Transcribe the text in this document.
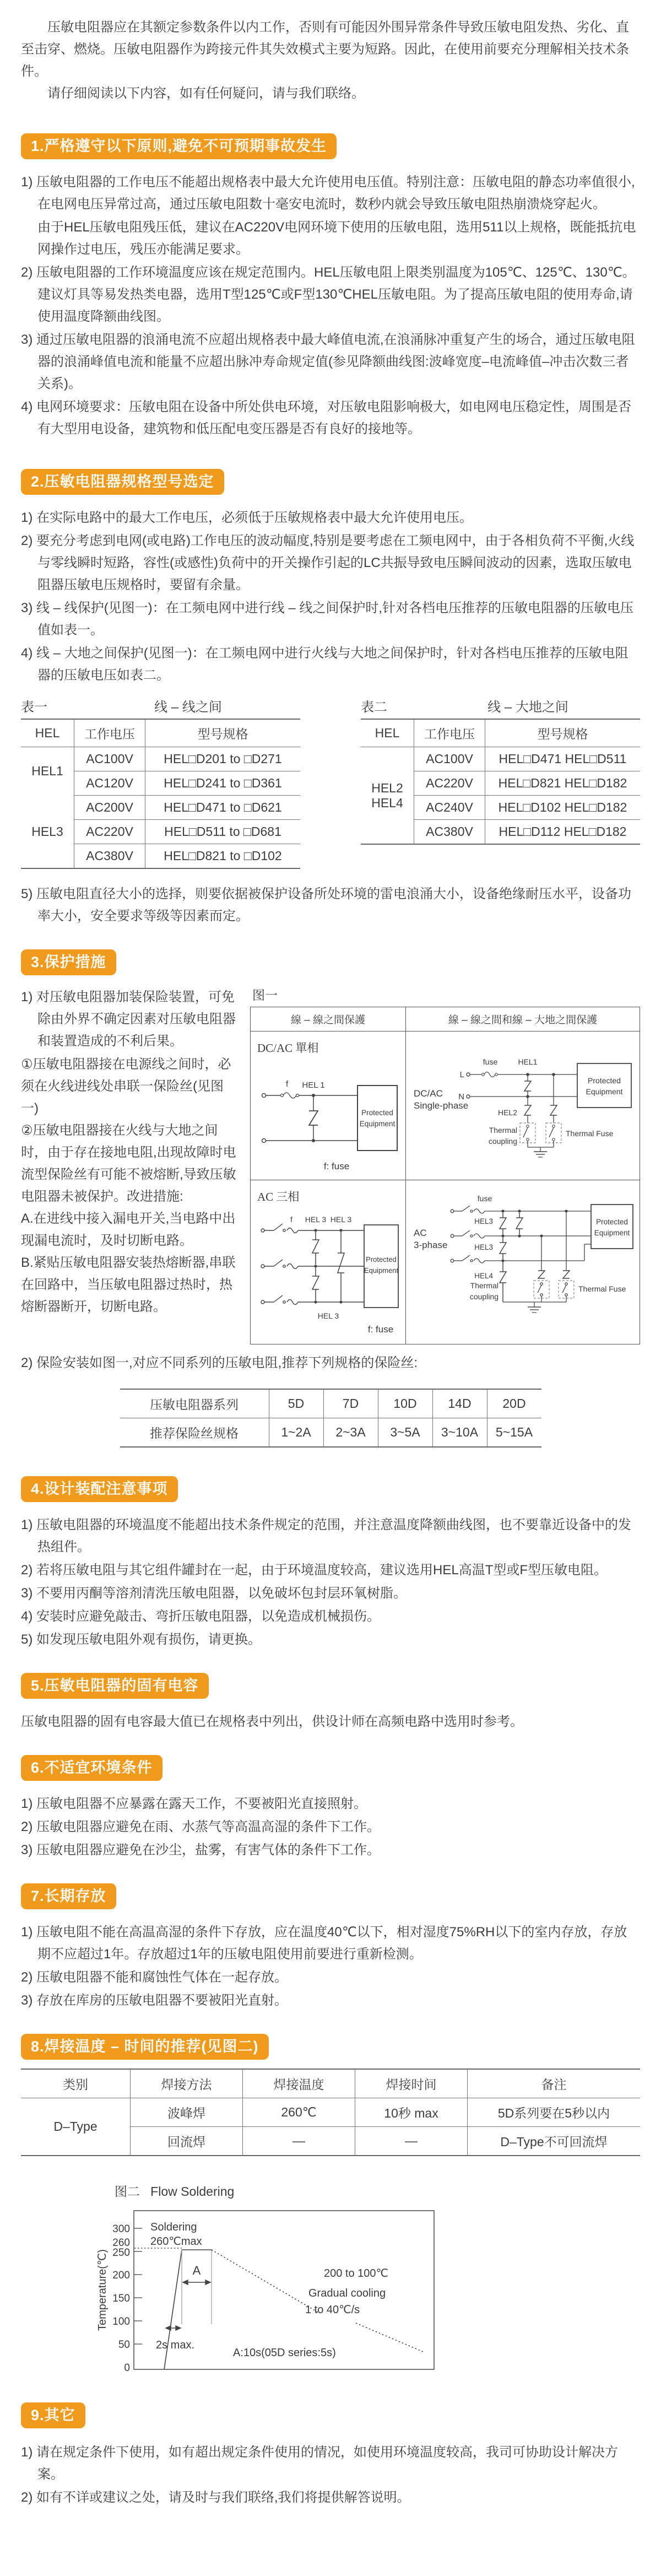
压敏电阻器应在其额定参数条件以内工作，否则有可能因外围异常条件导致压敏电阻发热、劣化、直至击穿、燃烧。压敏电阻器作为跨接元件其失效模式主要为短路。因此，在使用前要充分理解相关技术条件。

请仔细阅读以下内容，如有任何疑问，请与我们联络。

1.严格遵守以下原则,避免不可预期事故发生

1) 压敏电阻器的工作电压不能超出规格表中最大允许使用电压值。特别注意：压敏电阻的静态功率值很小,在电网电压异常过高，通过压敏电阻数十毫安电流时，数秒内就会导致压敏电阻热崩溃烧穿起火。

由于HEL压敏电阻残压低，建议在AC220V电网环境下使用的压敏电阻，选用511以上规格，既能抵抗电网操作过电压，残压亦能满足要求。

2) 压敏电阻器的工作环境温度应该在规定范围内。HEL压敏电阻上限类别温度为105℃、125℃、130℃。建议灯具等易发热类电器，选用T型125℃或F型130℃HEL压敏电阻。为了提高压敏电阻的使用寿命,请使用温度降额曲线图。

3) 通过压敏电阻器的浪涌电流不应超出规格表中最大峰值电流,在浪涌脉冲重复产生的场合，通过压敏电阻器的浪涌峰值电流和能量不应超出脉冲寿命规定值(参见降额曲线图:波峰宽度–电流峰值–冲击次数三者关系)。

4) 电网环境要求：压敏电阻在设备中所处供电环境，对压敏电阻影响极大，如电网电压稳定性，周围是否有大型用电设备，建筑物和低压配电变压器是否有良好的接地等。

2.压敏电阻器规格型号选定

1) 在实际电路中的最大工作电压，必须低于压敏规格表中最大允许使用电压。

2) 要充分考虑到电网(或电路)工作电压的波动幅度,特别是要考虑在工频电网中，由于各相负荷不平衡,火线与零线瞬时短路，容性(或感性)负荷中的开关操作引起的LC共振导致电压瞬间波动的因素，选取压敏电阻器压敏电压规格时，要留有余量。

3) 线 – 线保护(见图一)：在工频电网中进行线 – 线之间保护时,针对各档电压推荐的压敏电阻器的压敏电压值如表一。

4) 线 – 大地之间保护(见图一)：在工频电网中进行火线与大地之间保护时，针对各档电压推荐的压敏电阻器的压敏电压如表二。

表一	线 – 线之间
HEL	工作电压	型号规格
HEL1	AC100V	HEL□D201 to □D271
	AC120V	HEL□D241 to □D361
HEL3	AC200V	HEL□D471 to □D621
	AC220V	HEL□D511 to □D681
	AC380V	HEL□D821 to □D102
表二	线 – 大地之间
HEL	工作电压	型号规格

HEL2
HEL4	AC100V	HEL□D471 HEL□D511
	AC220V	HEL□D821 HEL□D182
	AC240V	HEL□D102 HEL□D182
	AC380V	HEL□D112 HEL□D182

5) 压敏电阻直径大小的选择，则要依据被保护设备所处环境的雷电浪涌大小，设备绝缘耐压水平，设备功率大小，安全要求等级等因素而定。

3.保护措施

1) 对压敏电阻器加装保险装置，可免除由外界不确定因素对压敏电阻器和装置造成的不利后果。

①压敏电阻器接在电源线之间时，必须在火线进线处串联一保险丝(见图一)

②压敏电阻器接在火线与大地之间时，由于存在接地电阻,出现故障时电流型保险丝有可能不被熔断,导致压敏电阻器未被保护。改进措施:

A.在进线中接入漏电开关,当电路中出现漏电流时，及时切断电路。

B.紧贴压敏电阻器安装热熔断器,串联在回路中，当压敏电阻器过热时，热熔断器断开，切断电路。

图一
線 – 線之間保護	線 – 線之間和線 – 大地之間保護
DC/AC 單相
f HEL 1
Protected
Equipment
f: fuse
DC/AC
Single-phase
L
N
fuse	HEL1
HEL2
Thermal
coupling
Thermal Fuse
Protected
Equipment
AC 三相
f HEL 3 HEL 3
Protected
Equipment
HEL 3
f: fuse
AC
3-phase
fuse
HEL3
HEL3
HEL4
Thermal
coupling
Thermal Fuse
Protected
Equipment

2) 保险安装如图一,对应不同系列的压敏电阻,推荐下列规格的保险丝:

压敏电阻器系列	5D	7D	10D	14D	20D
推荐保险丝规格	1~2A	2~3A	3~5A	3~10A	5~15A
4.设计装配注意事项

1) 压敏电阻器的环境温度不能超出技术条件规定的范围，并注意温度降额曲线图，也不要靠近设备中的发热组件。

2) 若将压敏电阻与其它组件罐封在一起，由于环境温度较高，建议选用HEL高温T型或F型压敏电阻。

3) 不要用丙酮等溶剂清洗压敏电阻器，以免破坏包封层环氧树脂。

4) 安装时应避免敲击、弯折压敏电阻器，以免造成机械损伤。

5) 如发现压敏电阻外观有损伤，请更换。

5.压敏电阻器的固有电容

压敏电阻器的固有电容最大值已在规格表中列出，供设计师在高频电路中选用时参考。

6.不适宜环境条件

1) 压敏电阻器不应暴露在露天工作，不要被阳光直接照射。

2) 压敏电阻器应避免在雨、水蒸气等高温高湿的条件下工作。

3) 压敏电阻器应避免在沙尘，盐雾，有害气体的条件下工作。

7.长期存放

1) 压敏电阻不能在高温高湿的条件下存放，应在温度40℃以下，相对湿度75%RH以下的室内存放，存放期不应超过1年。存放超过1年的压敏电阻使用前要进行重新检测。

2) 压敏电阻器不能和腐蚀性气体在一起存放。

3) 存放在库房的压敏电阻器不要被阳光直射。

8.焊接温度 – 时间的推荐(见图二)
类别	焊接方法	焊接温度	焊接时间	备注
D–Type	波峰焊	260℃	10秒 max	5D系列要在5秒以内
	回流焊	—	—	D–Type不可回流焊
图二 Flow Soldering
Temperature(℃)
300
260
250
200
150
100
50
0
Soldering
260℃max
A
2s max.
200 to 100℃
Gradual cooling
1 to 40℃/s
A:10s(05D series:5s)
9.其它

1) 请在规定条件下使用，如有超出规定条件使用的情况，如使用环境温度较高，我司可协助设计解决方案。

2) 如有不详或建议之处，请及时与我们联络,我们将提供解答说明。
